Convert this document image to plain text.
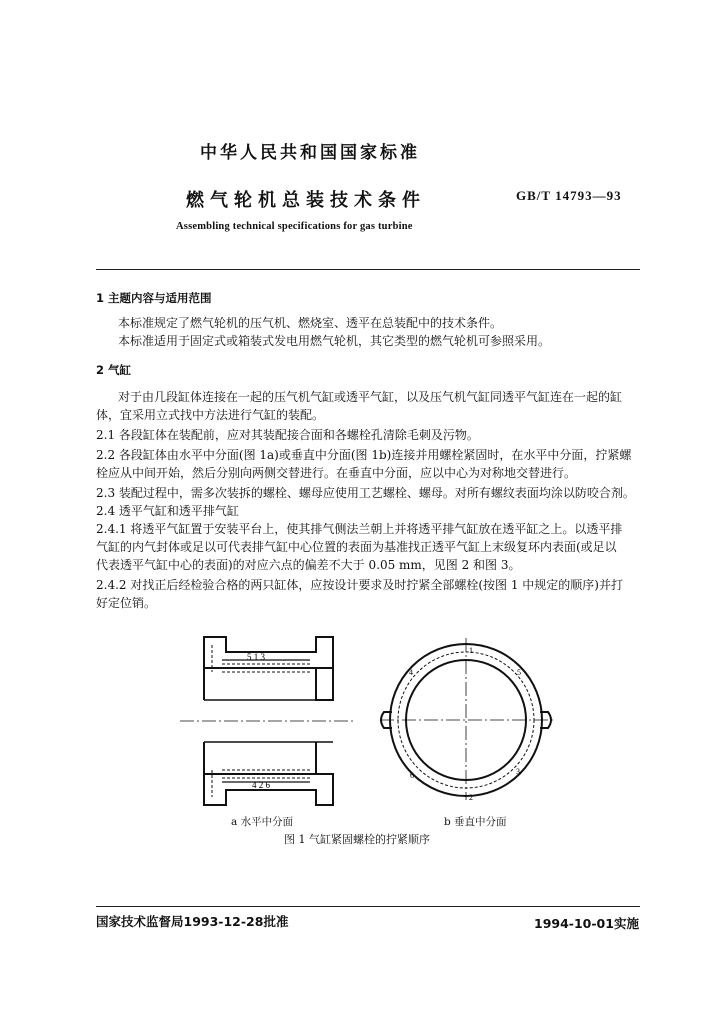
中华人民共和国国家标准
燃气轮机总装技术条件	GB/T 14793—93
Assembling technical specifications for gas turbine
1 主题内容与适用范围
本标准规定了燃气轮机的压气机、燃烧室、透平在总装配中的技术条件。
本标准适用于固定式或箱装式发电用燃气轮机，其它类型的燃气轮机可参照采用。
2 气缸
对于由几段缸体连接在一起的压气机气缸或透平气缸，以及压气机气缸同透平气缸连在一起的缸
体，宜采用立式找中方法进行气缸的装配。
2.1 各段缸体在装配前，应对其装配接合面和各螺栓孔清除毛刺及污物。
2.2 各段缸体由水平中分面(图 1a)或垂直中分面(图 1b)连接并用螺栓紧固时，在水平中分面，拧紧螺
栓应从中间开始，然后分别向两侧交替进行。在垂直中分面，应以中心为对称地交替进行。
2.3 装配过程中，需多次装拆的螺栓、螺母应使用工艺螺栓、螺母。对所有螺纹表面均涂以防咬合剂。
2.4 透平气缸和透平排气缸
2.4.1 将透平气缸置于安装平台上，使其排气侧法兰朝上并将透平排气缸放在透平缸之上。以透平排
气缸的内气封体或足以可代表排气缸中心位置的表面为基准找正透平气缸上末级复环内表面(或足以
代表透平气缸中心的表面)的对应六点的偏差不大于 0.05 mm，见图 2 和图 3。
2.4.2 对找正后经检验合格的两只缸体，应按设计要求及时拧紧全部螺栓(按图 1 中规定的顺序)并打
好定位销。
5 1 3
4 2 6
1
2
3
4	5
6
a 水平中分面	b 垂直中分面
图 1 气缸紧固螺栓的拧紧顺序
国家技术监督局1993-12-28批准	1994-10-01实施
